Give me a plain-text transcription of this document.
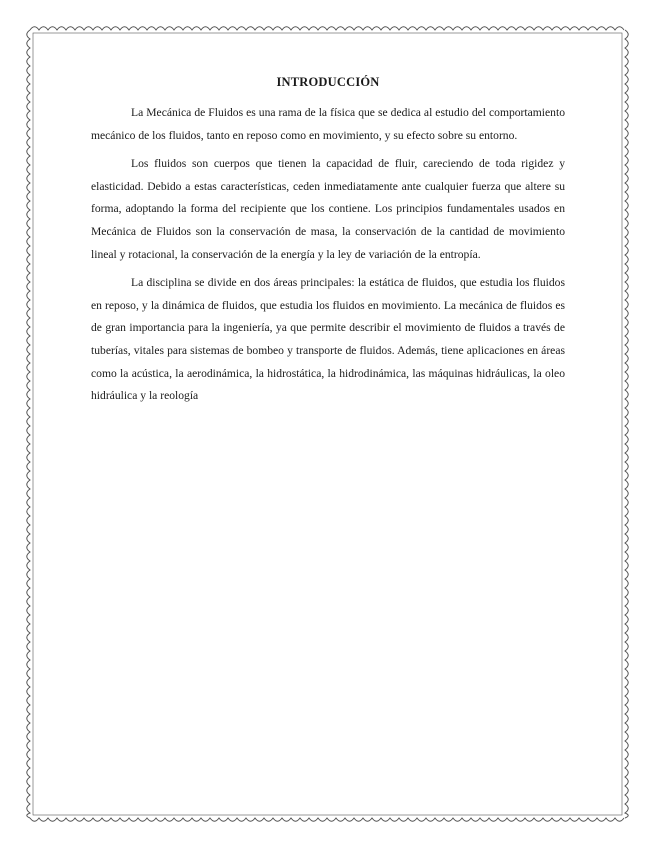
INTRODUCCIÓN

La Mecánica de Fluidos es una rama de la física que se dedica al estudio del comportamiento mecánico de los fluidos, tanto en reposo como en movimiento, y su efecto sobre su entorno.

Los fluidos son cuerpos que tienen la capacidad de fluir, careciendo de toda rigidez y elasticidad. Debido a estas características, ceden inmediatamente ante cualquier fuerza que altere su forma, adoptando la forma del recipiente que los contiene. Los principios fundamentales usados en Mecánica de Fluidos son la conservación de masa, la conservación de la cantidad de movimiento lineal y rotacional, la conservación de la energía y la ley de variación de la entropía.

La disciplina se divide en dos áreas principales: la estática de fluidos, que estudia los fluidos en reposo, y la dinámica de fluidos, que estudia los fluidos en movimiento. La mecánica de fluidos es de gran importancia para la ingeniería, ya que permite describir el movimiento de fluidos a través de tuberías, vitales para sistemas de bombeo y transporte de fluidos. Además, tiene aplicaciones en áreas como la acústica, la aerodinámica, la hidrostática, la hidrodinámica, las máquinas hidráulicas, la oleo hidráulica y la reología
